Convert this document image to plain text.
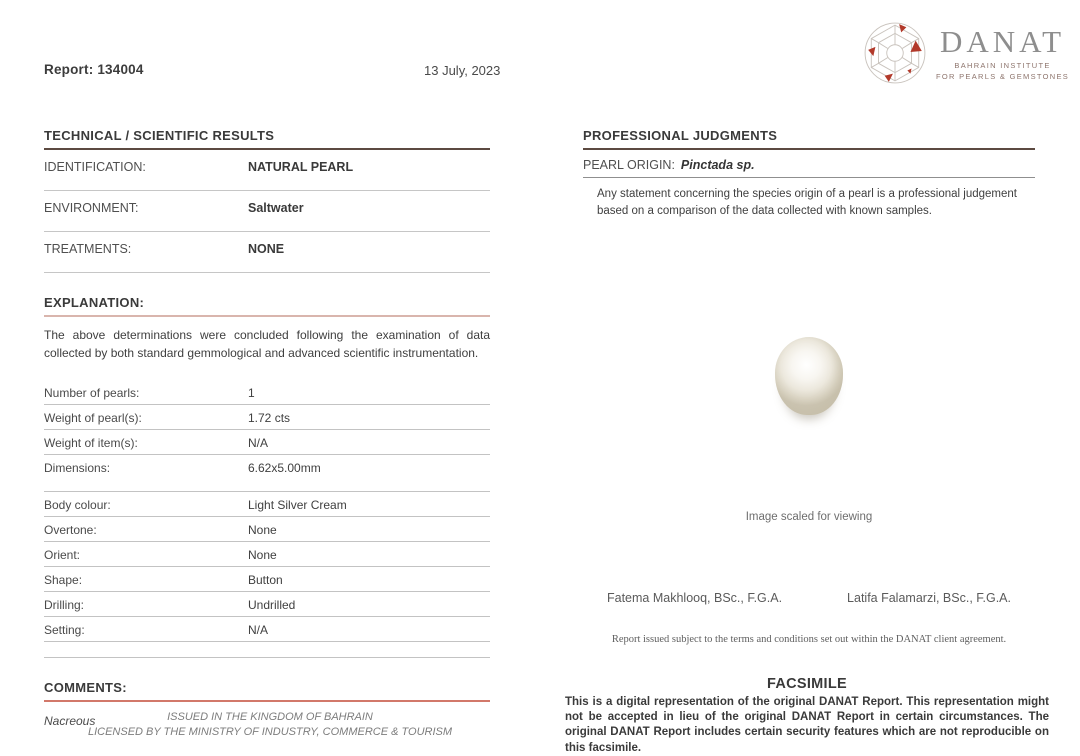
Report: 134004	13 July, 2023
DANAT
BAHRAIN INSTITUTE
FOR PEARLS & GEMSTONES
TECHNICAL / SCIENTIFIC RESULTS
IDENTIFICATION:	NATURAL PEARL
ENVIRONMENT:	Saltwater
TREATMENTS:	NONE
EXPLANATION:
The above determinations were concluded following the examination of data collected by both standard gemmological and advanced scientific instrumentation.
Number of pearls:	1
Weight of pearl(s):	1.72 cts
Weight of item(s):	N/A
Dimensions:	6.62x5.00mm
Body colour:	Light Silver Cream
Overtone:	None
Orient:	None
Shape:	Button
Drilling:	Undrilled
Setting:	N/A
COMMENTS:
Nacreous
PROFESSIONAL JUDGMENTS
PEARL ORIGIN: Pinctada sp.
Any statement concerning the species origin of a pearl is a professional judgement based on a comparison of the data collected with known samples.
Image scaled for viewing
Fatema Makhlooq, BSc., F.G.A.	Latifa Falamarzi, BSc., F.G.A.
Report issued subject to the terms and conditions set out within the DANAT client agreement.
FACSIMILE
This is a digital representation of the original DANAT Report. This representation might not be accepted in lieu of the original DANAT Report in certain circumstances. The original DANAT Report includes certain security features which are not reproducible on this facsimile.
ISSUED IN THE KINGDOM OF BAHRAIN
LICENSED BY THE MINISTRY OF INDUSTRY, COMMERCE & TOURISM
